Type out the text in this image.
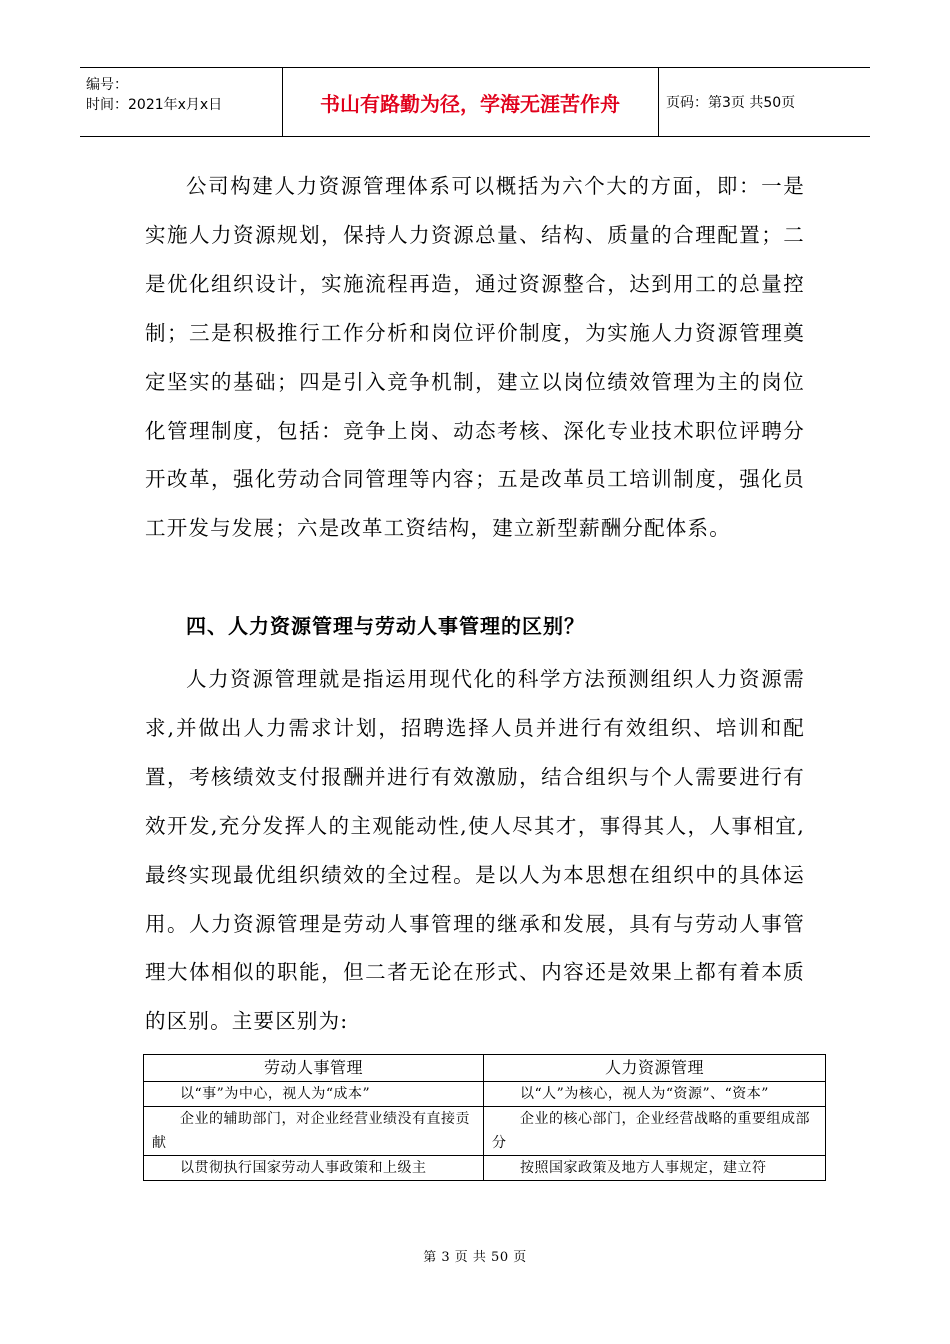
编号：
时间：2021年x月x日	书山有路勤为径，学海无涯苦作舟	页码：第3页 共50页
公司构建人力资源管理体系可以概括为六个大的方面，即：一是实施人力资源规划，保持人力资源总量、结构、质量的合理配置；二是优化组织设计，实施流程再造，通过资源整合，达到用工的总量控制；三是积极推行工作分析和岗位评价制度，为实施人力资源管理奠定坚实的基础；四是引入竞争机制，建立以岗位绩效管理为主的岗位化管理制度，包括：竞争上岗、动态考核、深化专业技术职位评聘分开改革，强化劳动合同管理等内容；五是改革员工培训制度，强化员工开发与发展；六是改革工资结构，建立新型薪酬分配体系。
四、人力资源管理与劳动人事管理的区别？
人力资源管理就是指运用现代化的科学方法预测组织人力资源需求,并做出人力需求计划，招聘选择人员并进行有效组织、培训和配置，考核绩效支付报酬并进行有效激励，结合组织与个人需要进行有效开发,充分发挥人的主观能动性,使人尽其才，事得其人，人事相宜,最终实现最优组织绩效的全过程。是以人为本思想在组织中的具体运用。人力资源管理是劳动人事管理的继承和发展，具有与劳动人事管理大体相似的职能，但二者无论在形式、内容还是效果上都有着本质的区别。主要区别为:
劳动人事管理	人力资源管理
以“事”为中心，视人为“成本”	以“人”为核心，视人为“资源”、“资本”
企业的辅助部门，对企业经营业绩没有直接贡献	企业的核心部门，企业经营战略的重要组成部分
以贯彻执行国家劳动人事政策和上级主	按照国家政策及地方人事规定，建立符
第 3 页 共 50 页
